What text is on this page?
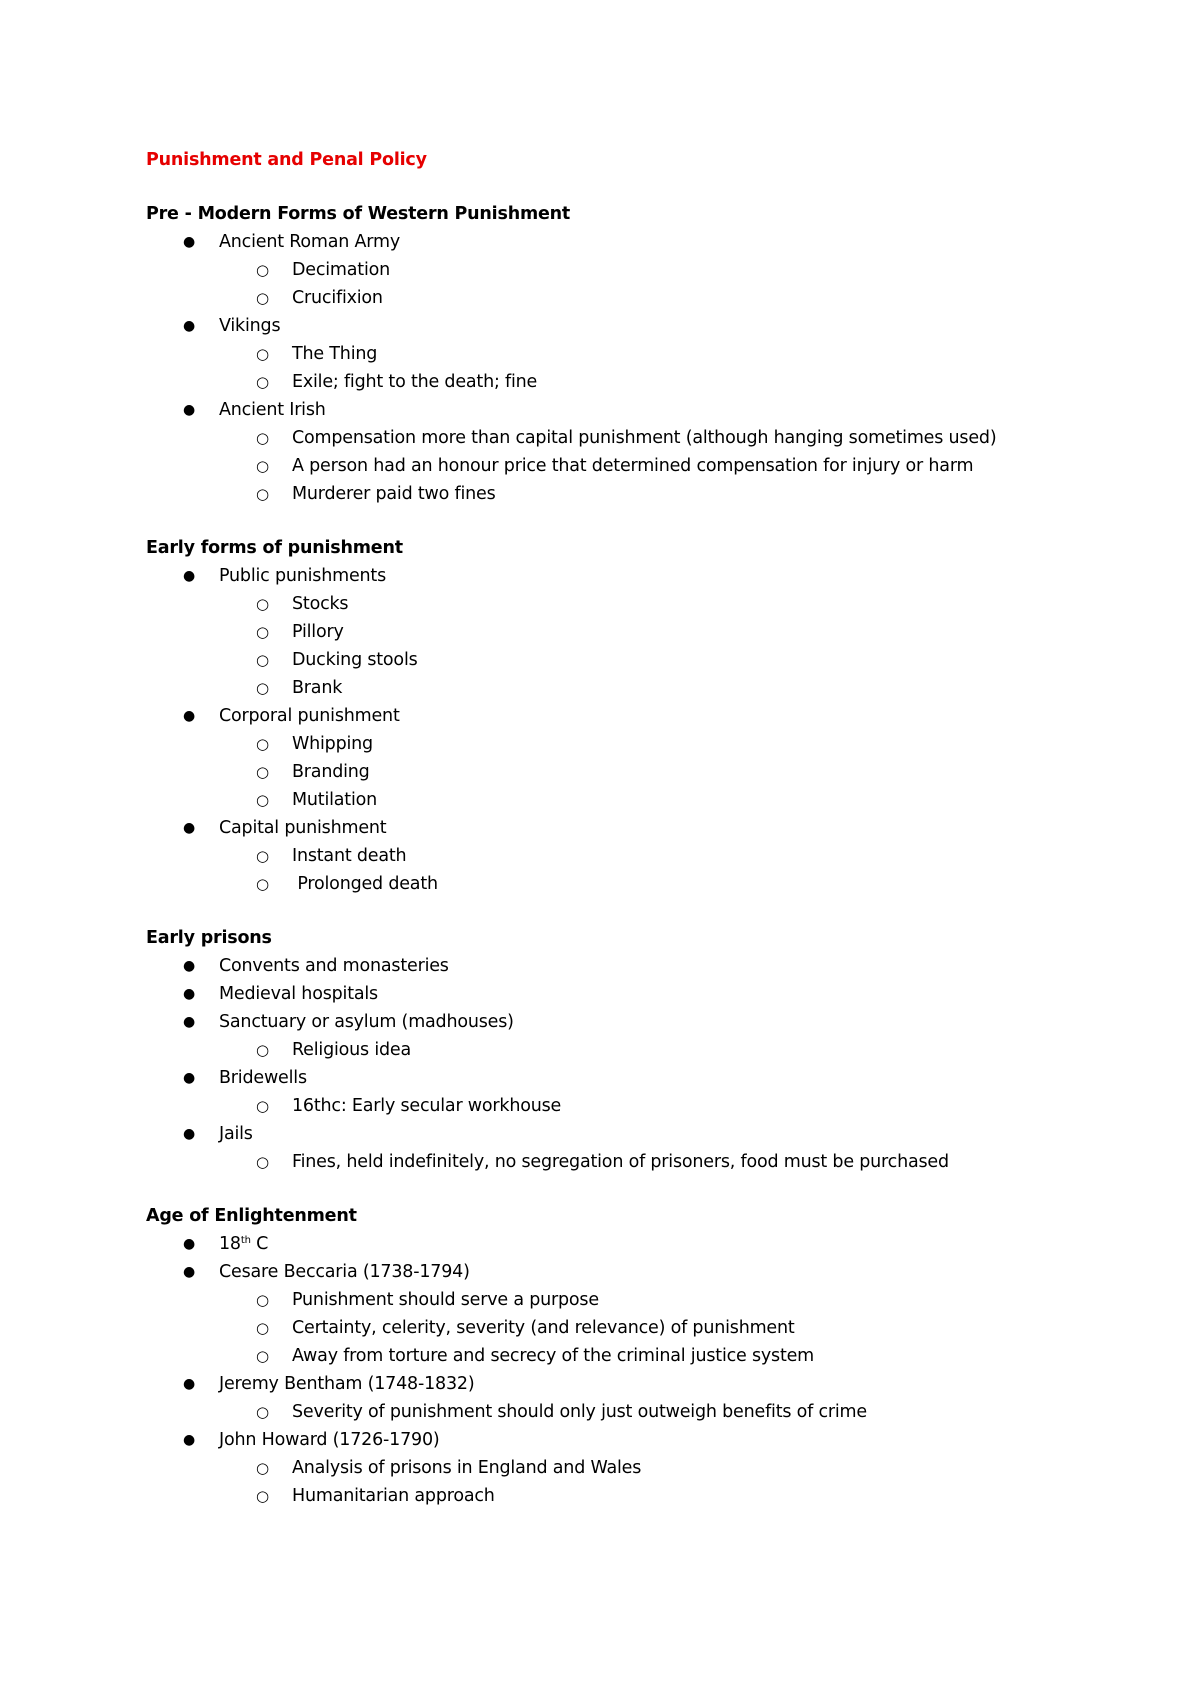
Punishment and Penal Policy
Pre - Modern Forms of Western Punishment
● Ancient Roman Army
○ Decimation
○ Crucifixion
● Vikings
○ The Thing
○ Exile; fight to the death; fine
● Ancient Irish
○ Compensation more than capital punishment (although hanging sometimes used)
○ A person had an honour price that determined compensation for injury or harm
○ Murderer paid two fines
Early forms of punishment
● Public punishments
○ Stocks
○ Pillory
○ Ducking stools
○ Brank
● Corporal punishment
○ Whipping
○ Branding
○ Mutilation
● Capital punishment
○ Instant death
○ Prolonged death
Early prisons
● Convents and monasteries
● Medieval hospitals
● Sanctuary or asylum (madhouses)
○ Religious idea
● Bridewells
○ 16thc: Early secular workhouse
● Jails
○ Fines, held indefinitely, no segregation of prisoners, food must be purchased
Age of Enlightenment
● 18th C
● Cesare Beccaria (1738-1794)
○ Punishment should serve a purpose
○ Certainty, celerity, severity (and relevance) of punishment
○ Away from torture and secrecy of the criminal justice system
● Jeremy Bentham (1748-1832)
○ Severity of punishment should only just outweigh benefits of crime
● John Howard (1726-1790)
○ Analysis of prisons in England and Wales
○ Humanitarian approach
